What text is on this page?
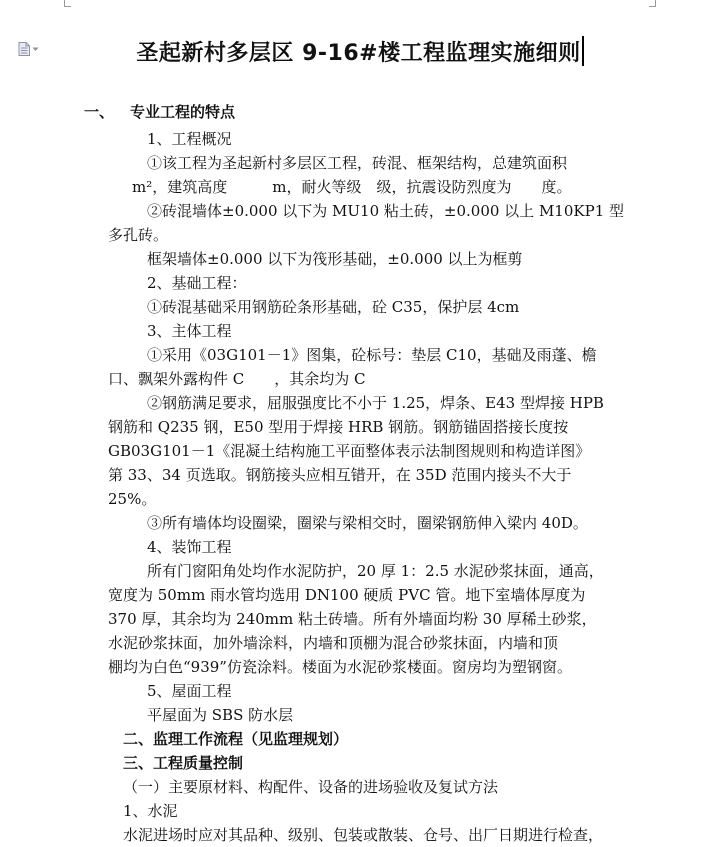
圣起新村多层区 9-16#楼工程监理实施细则
一、 专业工程的特点
1、工程概况
①该工程为圣起新村多层区工程，砖混、框架结构，总建筑面积
m²，建筑高度　　　m，耐火等级　级，抗震设防烈度为　　度。
②砖混墙体±0.000 以下为 MU10 粘土砖，±0.000 以上 M10KP1 型
多孔砖。
框架墙体±0.000 以下为筏形基础，±0.000 以上为框剪
2、基础工程：
①砖混基础采用钢筋砼条形基础，砼 C35，保护层 4cm
3、主体工程
①采用《03G101－1》图集，砼标号：垫层 C10，基础及雨蓬、檐
口、飘架外露构件 C　　，其余均为 C
②钢筋满足要求，屈服强度比不小于 1.25，焊条、E43 型焊接 HPB
钢筋和 Q235 钢，E50 型用于焊接 HRB 钢筋。钢筋锚固搭接长度按
GB03G101－1《混凝土结构施工平面整体表示法制图规则和构造详图》
第 33、34 页选取。钢筋接头应相互错开，在 35D 范围内接头不大于
25%。
③所有墙体均设圈梁，圈梁与梁相交时，圈梁钢筋伸入梁内 40D。
4、装饰工程
所有门窗阳角处均作水泥防护，20 厚 1：2.5 水泥砂浆抹面，通高，
宽度为 50mm 雨水管均选用 DN100 硬质 PVC 管。地下室墙体厚度为
370 厚，其余均为 240mm 粘土砖墙。所有外墙面均粉 30 厚稀土砂浆，
水泥砂浆抹面，加外墙涂料，内墙和顶棚为混合砂浆抹面，内墙和顶
棚均为白色“939”仿瓷涂料。楼面为水泥砂浆楼面。窗房均为塑钢窗。
5、屋面工程
平屋面为 SBS 防水层
二、监理工作流程（见监理规划）
三、工程质量控制
（一）主要原材料、构配件、设备的进场验收及复试方法
1、水泥
水泥进场时应对其品种、级别、包装或散装、仓号、出厂日期进行检查，
